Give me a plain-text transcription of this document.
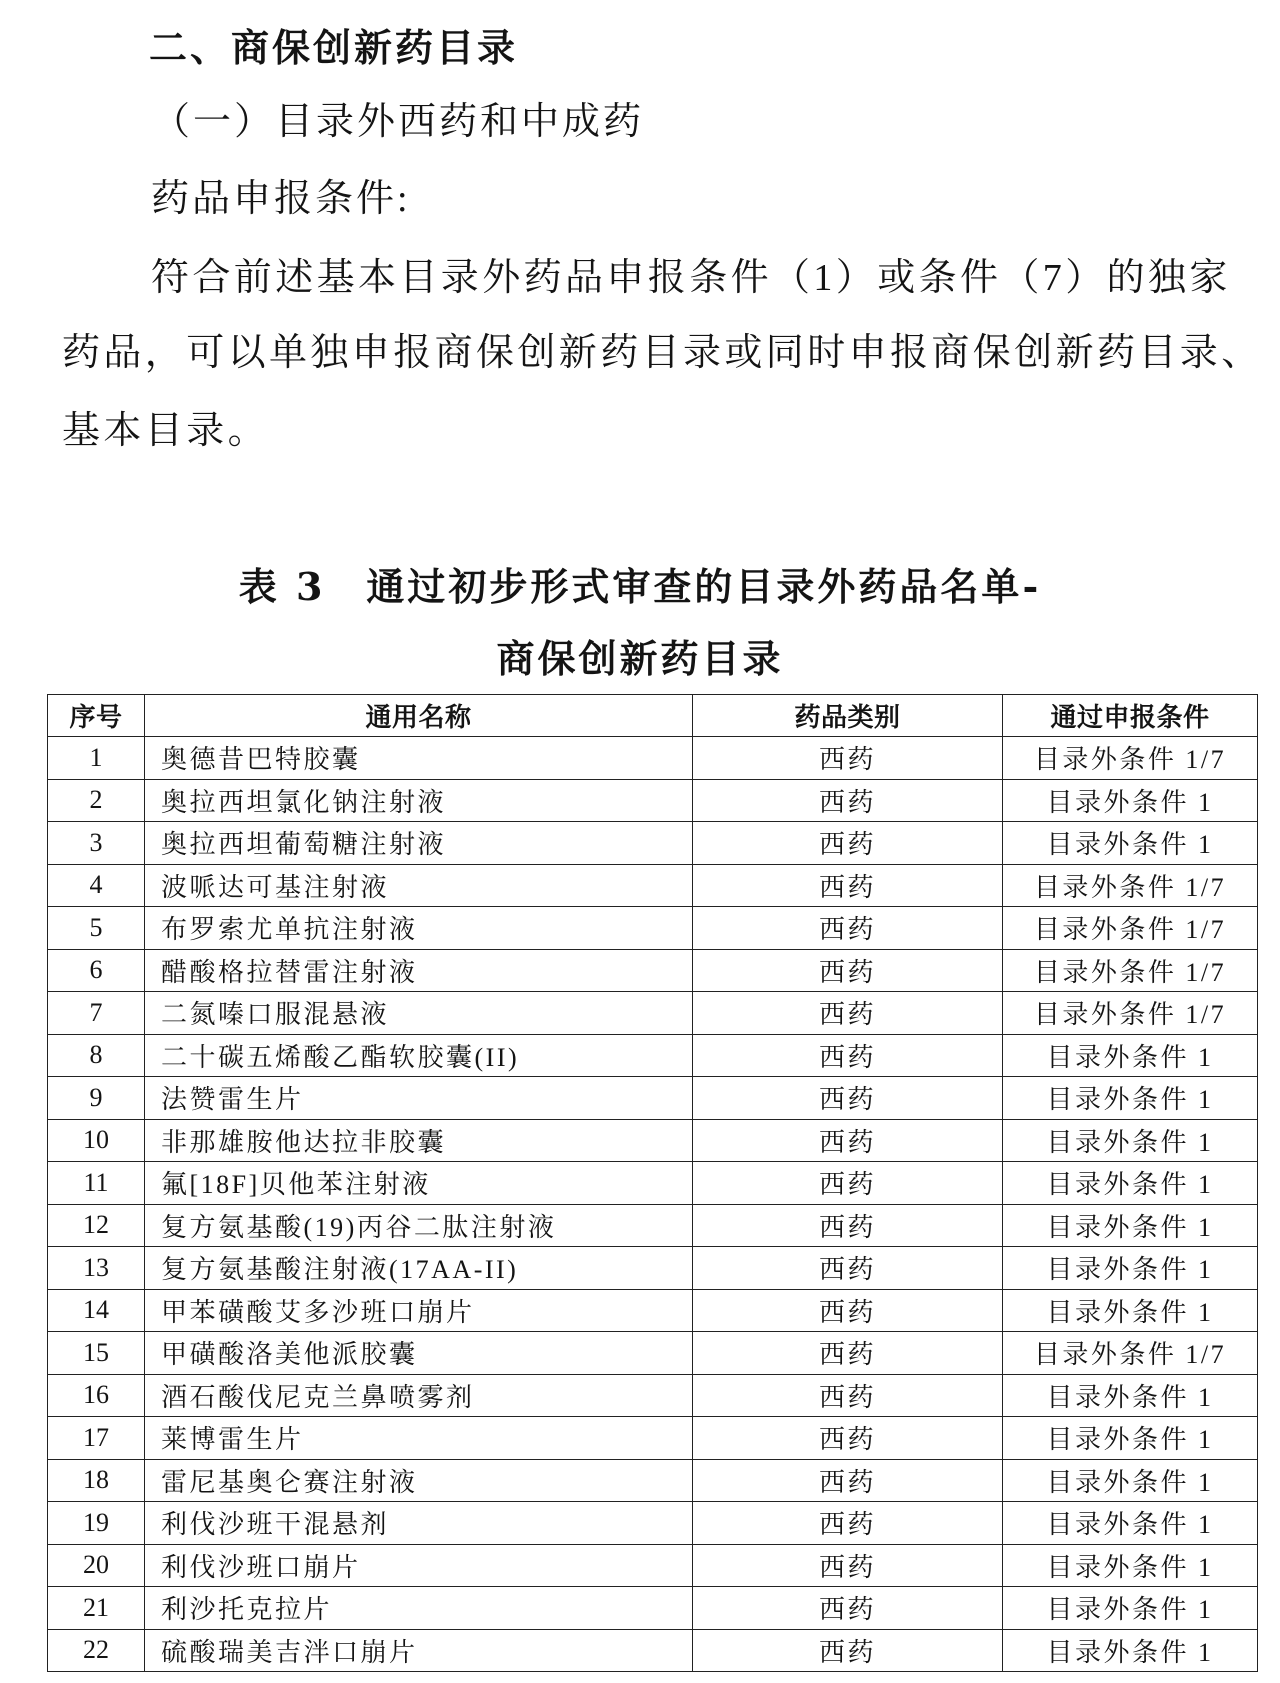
二、商保创新药目录
（一）目录外西药和中成药
药品申报条件:
符合前述基本目录外药品申报条件（1）或条件（7）的独家
药品，可以单独申报商保创新药目录或同时申报商保创新药目录、
基本目录。
表 3　通过初步形式审查的目录外药品名单-
商保创新药目录
序号	通用名称	药品类别	通过申报条件
1	奥德昔巴特胶囊	西药	目录外条件 1/7
2	奥拉西坦氯化钠注射液	西药	目录外条件 1
3	奥拉西坦葡萄糖注射液	西药	目录外条件 1
4	波哌达可基注射液	西药	目录外条件 1/7
5	布罗索尤单抗注射液	西药	目录外条件 1/7
6	醋酸格拉替雷注射液	西药	目录外条件 1/7
7	二氮嗪口服混悬液	西药	目录外条件 1/7
8	二十碳五烯酸乙酯软胶囊(II)	西药	目录外条件 1
9	法赞雷生片	西药	目录外条件 1
10	非那雄胺他达拉非胶囊	西药	目录外条件 1
11	氟[18F]贝他苯注射液	西药	目录外条件 1
12	复方氨基酸(19)丙谷二肽注射液	西药	目录外条件 1
13	复方氨基酸注射液(17AA-II)	西药	目录外条件 1
14	甲苯磺酸艾多沙班口崩片	西药	目录外条件 1
15	甲磺酸洛美他派胶囊	西药	目录外条件 1/7
16	酒石酸伐尼克兰鼻喷雾剂	西药	目录外条件 1
17	莱博雷生片	西药	目录外条件 1
18	雷尼基奥仑赛注射液	西药	目录外条件 1
19	利伐沙班干混悬剂	西药	目录外条件 1
20	利伐沙班口崩片	西药	目录外条件 1
21	利沙托克拉片	西药	目录外条件 1
22	硫酸瑞美吉泮口崩片	西药	目录外条件 1
